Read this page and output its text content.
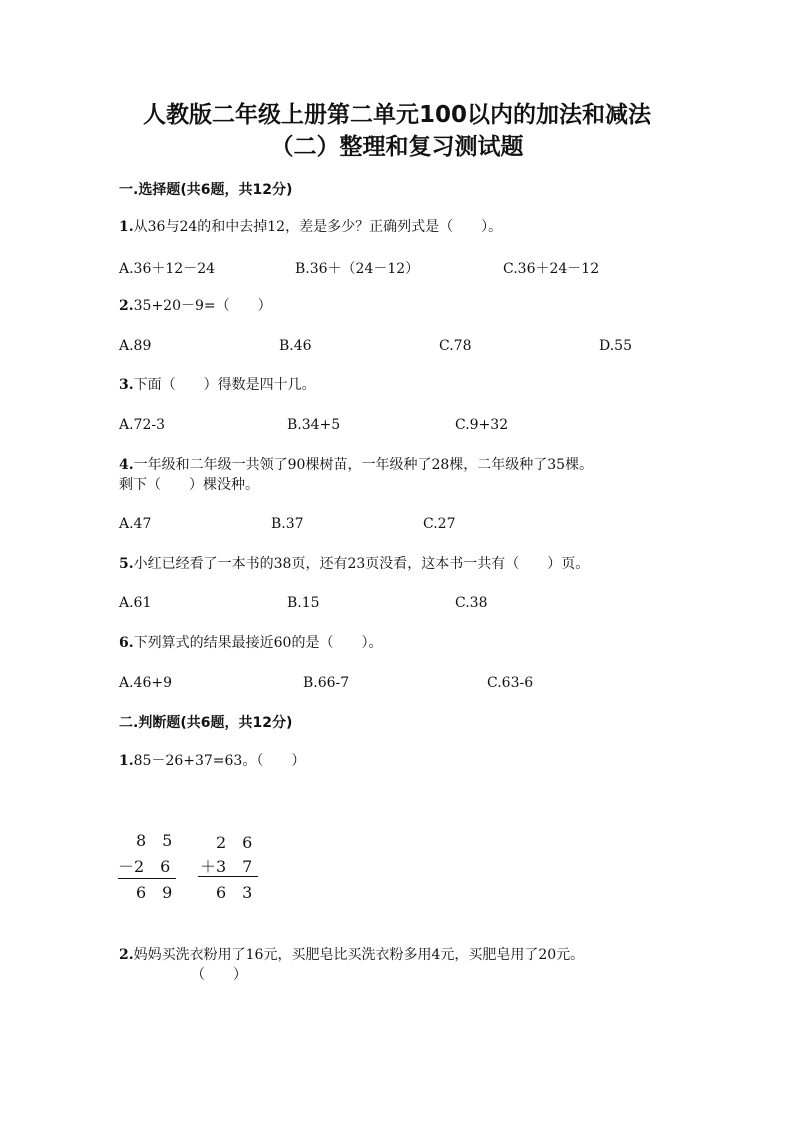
人教版二年级上册第二单元100以内的加法和减法
（二）整理和复习测试题
一.选择题(共6题，共12分)
1.从36与24的和中去掉12，差是多少？正确列式是（　　）。
A.36＋12－24	B.36＋（24－12）	C.36＋24－12
2.35+20－9=（　　）
A.89	B.46	C.78	D.55
3.下面（　　）得数是四十几。
A.72-3	B.34+5	C.9+32
4.一年级和二年级一共领了90棵树苗，一年级种了28棵，二年级种了35棵。
剩下（　　）棵没种。
A.47	B.37	C.27
5.小红已经看了一本书的38页，还有23页没看，这本书一共有（　　）页。
A.61	B.15	C.38
6.下列算式的结果最接近60的是（　　）。
A.46+9	B.66-7	C.63-6
二.判断题(共6题，共12分)
1.85－26+37=63。（　　）
8　5
－2　6
6　9
2　6
＋3　7
6　3
2.妈妈买洗衣粉用了16元，买肥皂比买洗衣粉多用4元，买肥皂用了20元。
（　　）
